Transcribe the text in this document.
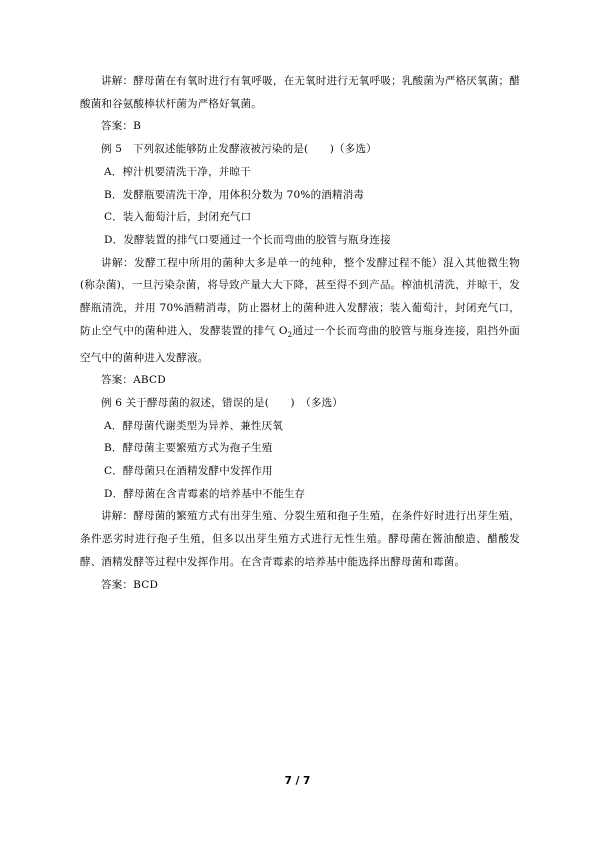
讲解：酵母菌在有氧时进行有氧呼吸，在无氧时进行无氧呼吸；乳酸菌为严格厌氧菌；醋酸菌和谷氨酸棒状杆菌为严格好氧菌。

答案：B

例 5　下列叙述能够防止发酵液被污染的是(　　)（多选）

A．榨汁机要清洗干净，并晾干

B．发酵瓶要清洗干净，用体积分数为 70%的酒精消毒

C．装入葡萄汁后，封闭充气口

D．发酵装置的排气口要通过一个长而弯曲的胶管与瓶身连接

讲解：发酵工程中所用的菌种大多是单一的纯种，整个发酵过程不能）混入其他微生物(称杂菌)，一旦污染杂菌，将导致产量大大下降，甚至得不到产品。榨油机清洗，并晾干，发酵瓶清洗，并用 70%酒精消毒，防止器材上的菌种进入发酵液；装入葡萄汁，封闭充气口，防止空气中的菌种进入，发酵装置的排气 $O_2$通过一个长而弯曲的胶管与瓶身连接，阻挡外面空气中的菌种进入发酵液。

答案：ABCD

例 6 关于酵母菌的叙述，错误的是(　　)　（多选）

A．酵母菌代谢类型为异养、兼性厌氧

B．酵母菌主要繁殖方式为孢子生殖

C．酵母菌只在酒精发酵中发挥作用

D．酵母菌在含青霉素的培养基中不能生存

讲解：酵母菌的繁殖方式有出芽生殖、分裂生殖和孢子生殖，在条件好时进行出芽生殖，条件恶劣时进行孢子生殖，但多以出芽生殖方式进行无性生殖。酵母菌在酱油酿造、醋酸发酵、酒精发酵等过程中发挥作用。在含青霉素的培养基中能选择出酵母菌和霉菌。

答案：BCD

7 / 7
